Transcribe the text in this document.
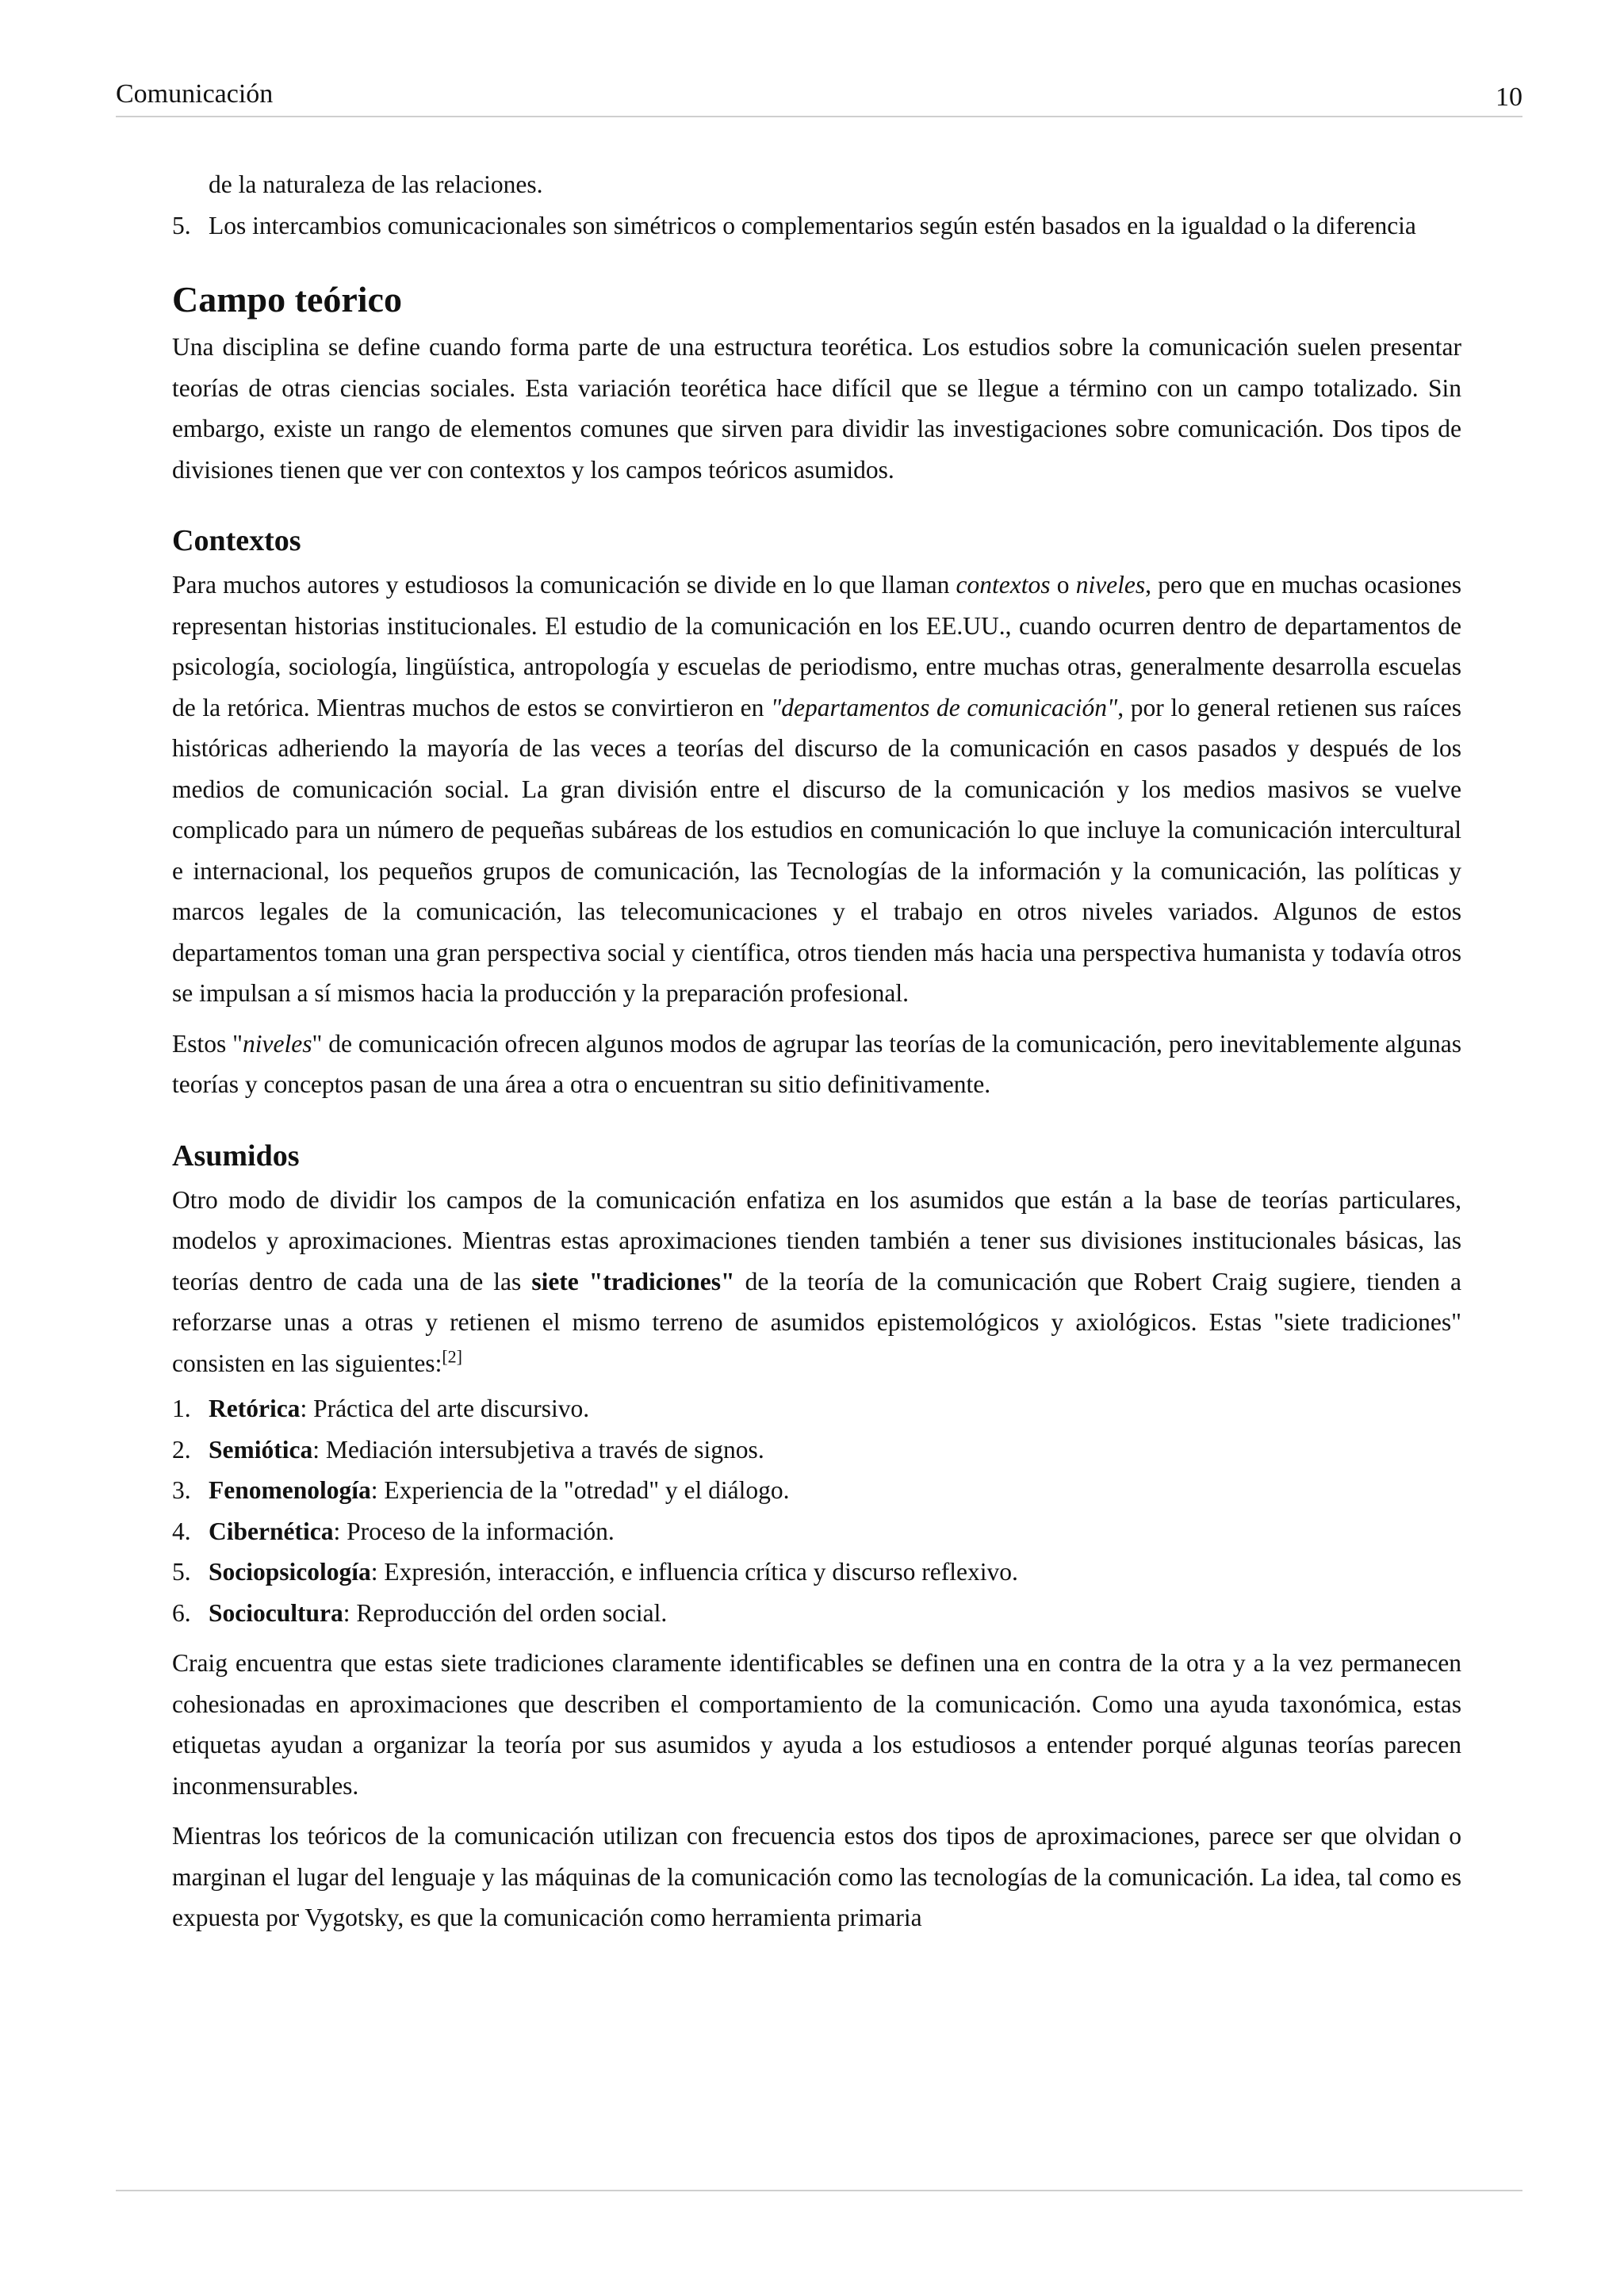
Comunicación	10

de la naturaleza de las relaciones.

5. Los intercambios comunicacionales son simétricos o complementarios según estén basados en la igualdad o la diferencia
Campo teórico

Una disciplina se define cuando forma parte de una estructura teorética. Los estudios sobre la comunicación suelen presentar teorías de otras ciencias sociales. Esta variación teorética hace difícil que se llegue a término con un campo totalizado. Sin embargo, existe un rango de elementos comunes que sirven para dividir las investigaciones sobre comunicación. Dos tipos de divisiones tienen que ver con contextos y los campos teóricos asumidos.

Contextos

Para muchos autores y estudiosos la comunicación se divide en lo que llaman contextos o niveles, pero que en muchas ocasiones representan historias institucionales. El estudio de la comunicación en los EE.UU., cuando ocurren dentro de departamentos de psicología, sociología, lingüística, antropología y escuelas de periodismo, entre muchas otras, generalmente desarrolla escuelas de la retórica. Mientras muchos de estos se convirtieron en "departamentos de comunicación", por lo general retienen sus raíces históricas adheriendo la mayoría de las veces a teorías del discurso de la comunicación en casos pasados y después de los medios de comunicación social. La gran división entre el discurso de la comunicación y los medios masivos se vuelve complicado para un número de pequeñas subáreas de los estudios en comunicación lo que incluye la comunicación intercultural e internacional, los pequeños grupos de comunicación, las Tecnologías de la información y la comunicación, las políticas y marcos legales de la comunicación, las telecomunicaciones y el trabajo en otros niveles variados. Algunos de estos departamentos toman una gran perspectiva social y científica, otros tienden más hacia una perspectiva humanista y todavía otros se impulsan a sí mismos hacia la producción y la preparación profesional.

Estos "niveles" de comunicación ofrecen algunos modos de agrupar las teorías de la comunicación, pero inevitablemente algunas teorías y conceptos pasan de una área a otra o encuentran su sitio definitivamente.

Asumidos

Otro modo de dividir los campos de la comunicación enfatiza en los asumidos que están a la base de teorías particulares, modelos y aproximaciones. Mientras estas aproximaciones tienden también a tener sus divisiones institucionales básicas, las teorías dentro de cada una de las siete "tradiciones" de la teoría de la comunicación que Robert Craig sugiere, tienden a reforzarse unas a otras y retienen el mismo terreno de asumidos epistemológicos y axiológicos. Estas "siete tradiciones" consisten en las siguientes:[2]

1. Retórica: Práctica del arte discursivo.
2. Semiótica: Mediación intersubjetiva a través de signos.
3. Fenomenología: Experiencia de la "otredad" y el diálogo.
4. Cibernética: Proceso de la información.
5. Sociopsicología: Expresión, interacción, e influencia crítica y discurso reflexivo.
6. Sociocultura: Reproducción del orden social.

Craig encuentra que estas siete tradiciones claramente identificables se definen una en contra de la otra y a la vez permanecen cohesionadas en aproximaciones que describen el comportamiento de la comunicación. Como una ayuda taxonómica, estas etiquetas ayudan a organizar la teoría por sus asumidos y ayuda a los estudiosos a entender porqué algunas teorías parecen inconmensurables.

Mientras los teóricos de la comunicación utilizan con frecuencia estos dos tipos de aproximaciones, parece ser que olvidan o marginan el lugar del lenguaje y las máquinas de la comunicación como las tecnologías de la comunicación. La idea, tal como es expuesta por Vygotsky, es que la comunicación como herramienta primaria
